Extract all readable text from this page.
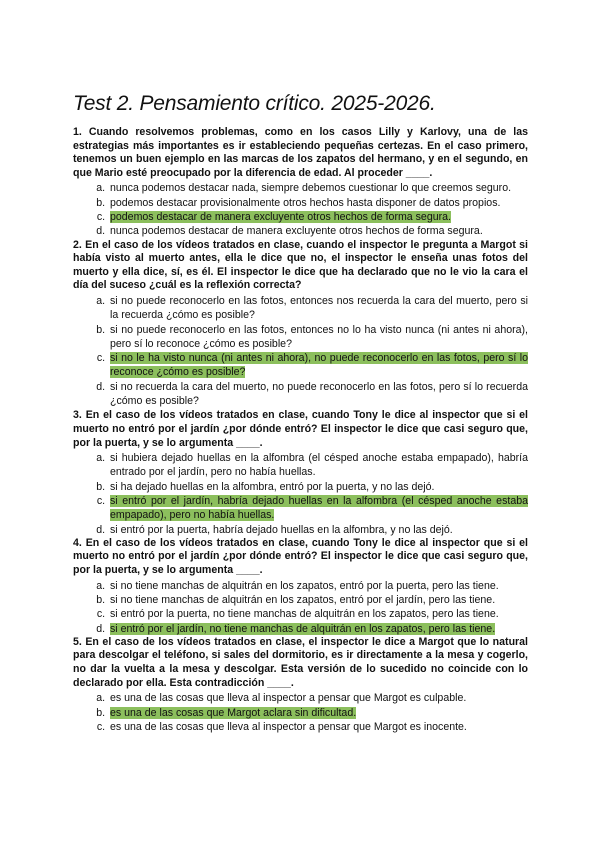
Test 2. Pensamiento crítico. 2025-2026.

1. Cuando resolvemos problemas, como en los casos Lilly y Karlovy, una de las estrategias más importantes es ir estableciendo pequeñas certezas. En el caso primero, tenemos un buen ejemplo en las marcas de los zapatos del hermano, y en el segundo, en que Mario esté preocupado por la diferencia de edad. Al proceder ____.

a. nunca podemos destacar nada, siempre debemos cuestionar lo que creemos seguro.
b. podemos destacar provisionalmente otros hechos hasta disponer de datos propios.
c. podemos destacar de manera excluyente otros hechos de forma segura.
d. nunca podemos destacar de manera excluyente otros hechos de forma segura.

2. En el caso de los vídeos tratados en clase, cuando el inspector le pregunta a Margot si había visto al muerto antes, ella le dice que no, el inspector le enseña unas fotos del muerto y ella dice, sí, es él. El inspector le dice que ha declarado que no le vio la cara el día del suceso ¿cuál es la reflexión correcta?

a. si no puede reconocerlo en las fotos, entonces nos recuerda la cara del muerto, pero si la recuerda ¿cómo es posible?
b. si no puede reconocerlo en las fotos, entonces no lo ha visto nunca (ni antes ni ahora), pero sí lo reconoce ¿cómo es posible?
c. si no le ha visto nunca (ni antes ni ahora), no puede reconocerlo en las fotos, pero sí lo reconoce ¿cómo es posible?
d. si no recuerda la cara del muerto, no puede reconocerlo en las fotos, pero sí lo recuerda ¿cómo es posible?

3. En el caso de los vídeos tratados en clase, cuando Tony le dice al inspector que si el muerto no entró por el jardín ¿por dónde entró? El inspector le dice que casi seguro que, por la puerta, y se lo argumenta ____.

a. si hubiera dejado huellas en la alfombra (el césped anoche estaba empapado), habría entrado por el jardín, pero no había huellas.
b. si ha dejado huellas en la alfombra, entró por la puerta, y no las dejó.
c. si entró por el jardín, habría dejado huellas en la alfombra (el césped anoche estaba empapado), pero no había huellas.
d. si entró por la puerta, habría dejado huellas en la alfombra, y no las dejó.

4. En el caso de los vídeos tratados en clase, cuando Tony le dice al inspector que si el muerto no entró por el jardín ¿por dónde entró? El inspector le dice que casi seguro que, por la puerta, y se lo argumenta ____.

a. si no tiene manchas de alquitrán en los zapatos, entró por la puerta, pero las tiene.
b. si no tiene manchas de alquitrán en los zapatos, entró por el jardín, pero las tiene.
c. si entró por la puerta, no tiene manchas de alquitrán en los zapatos, pero las tiene.
d. si entró por el jardín, no tiene manchas de alquitrán en los zapatos, pero las tiene.

5. En el caso de los vídeos tratados en clase, el inspector le dice a Margot que lo natural para descolgar el teléfono, si sales del dormitorio, es ir directamente a la mesa y cogerlo, no dar la vuelta a la mesa y descolgar. Esta versión de lo sucedido no coincide con lo declarado por ella. Esta contradicción ____.

a. es una de las cosas que lleva al inspector a pensar que Margot es culpable.
b. es una de las cosas que Margot aclara sin dificultad.
c. es una de las cosas que lleva al inspector a pensar que Margot es inocente.
